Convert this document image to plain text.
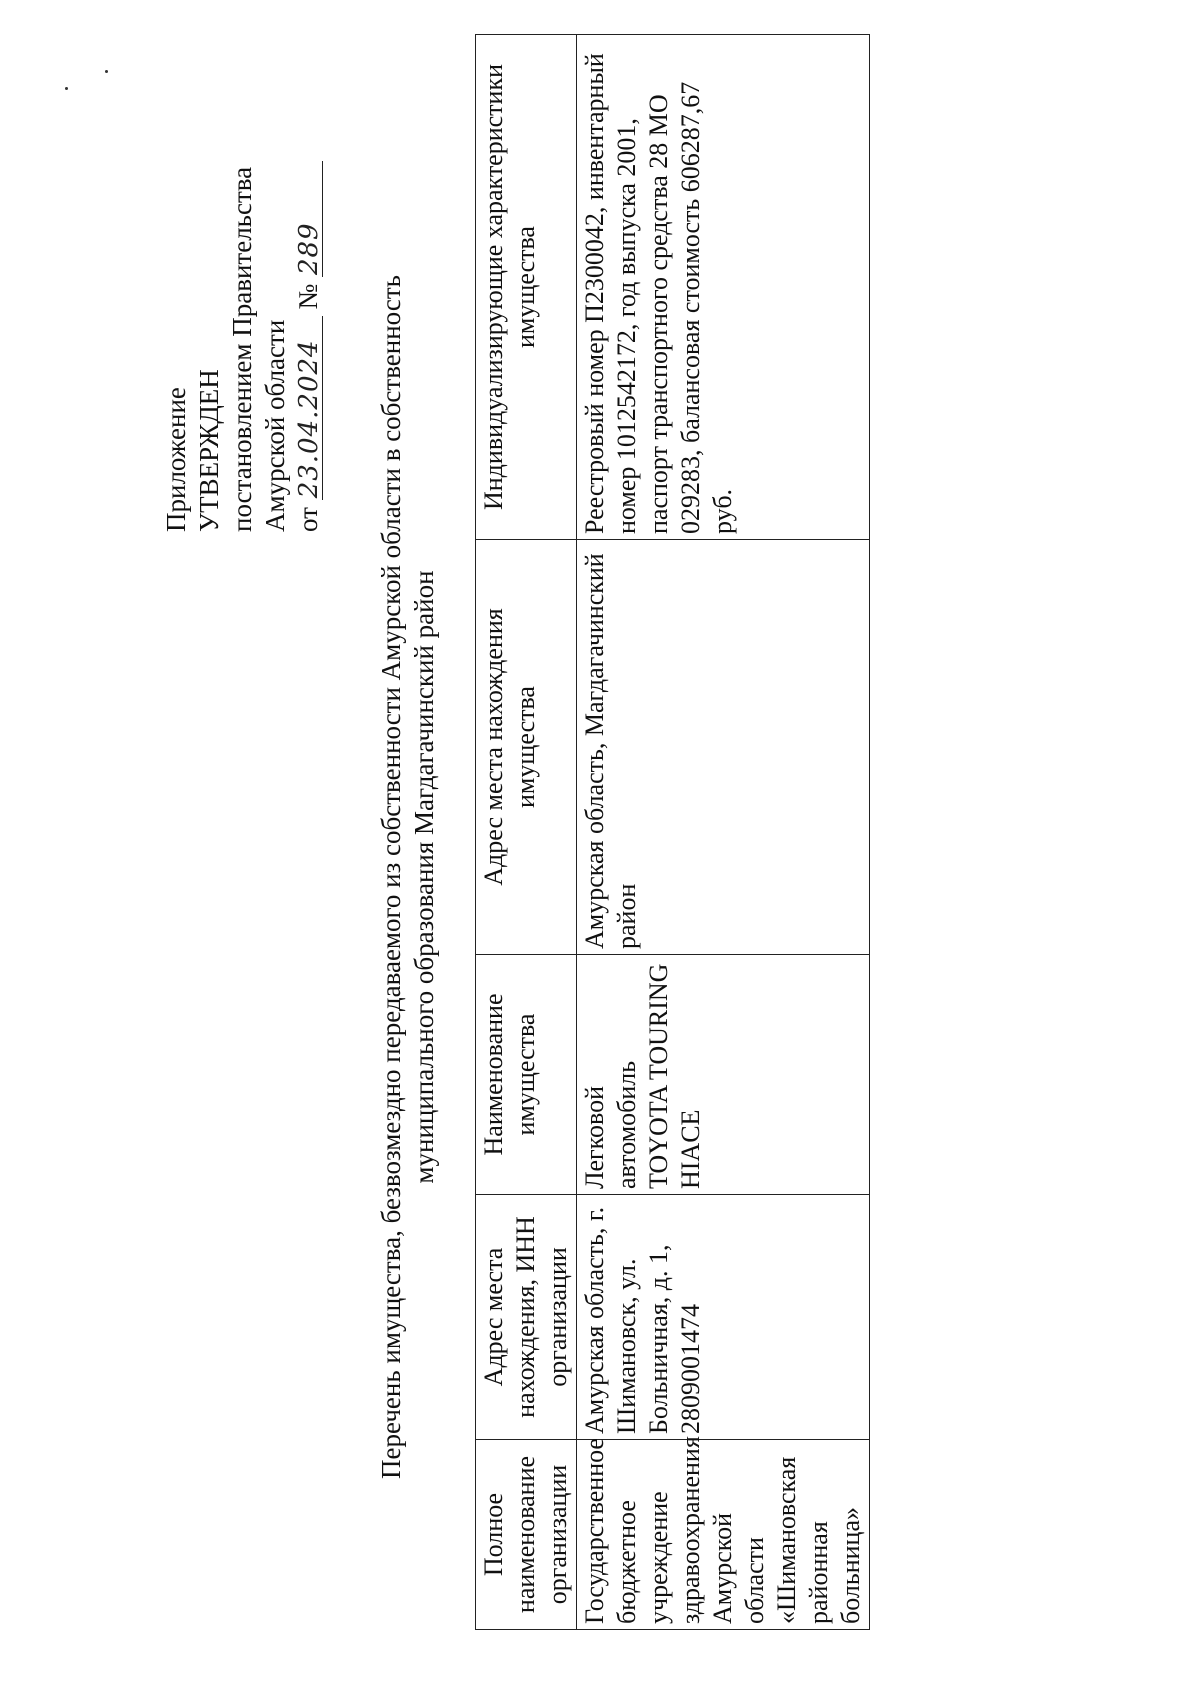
Приложение УТВЕРЖДЕН постановлением Правительства Амурской области от 23.04.2024 № 289
Перечень имущества, безвозмездно передаваемого из собственности Амурской области в собственность муниципального образования Магдагачинский район
Полное наименование организации	Адрес места нахождения, ИНН организации	Наименование имущества	Адрес места нахождения имущества	Индивидуализирующие характеристики имущества
Государственное бюджетное учреждение здравоохранения Амурской области «Шимановская районная больница»	Амурская область, г. Шимановск, ул. Больничная, д. 1, 2809001474	Легковой автомобиль TOYOTA TOURING HIACE	Амурская область, Магдагачинский район	Реестровый номер П2300042, инвентарный номер 1012542172, год выпуска 2001, паспорт транспортного средства 28 МО 029283, балансовая стоимость 606287,67 руб.
